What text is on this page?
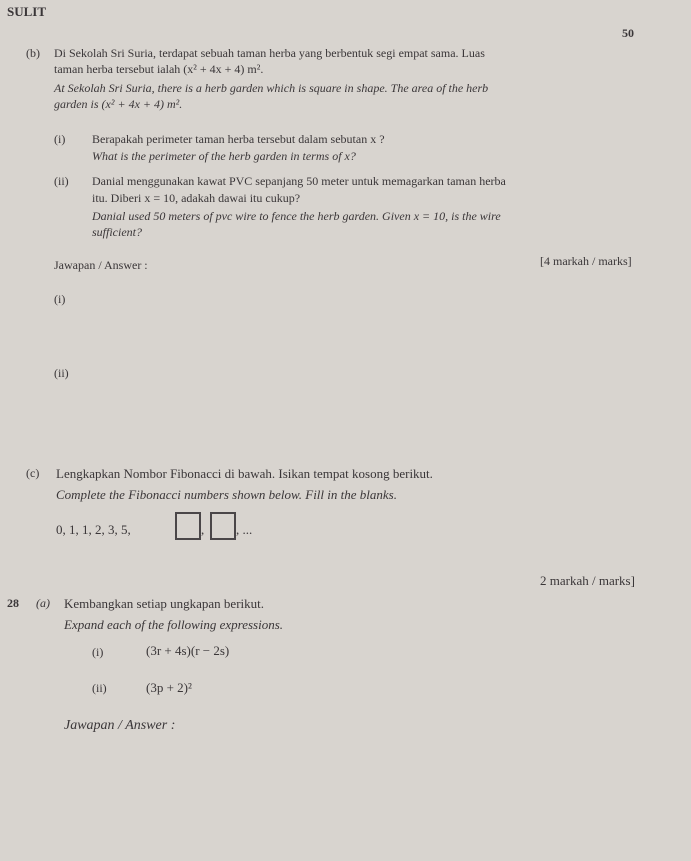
SULIT
50
(b) Di Sekolah Sri Suria, terdapat sebuah taman herba yang berbentuk segi empat sama. Luas
taman herba tersebut ialah (x² + 4x + 4) m².
At Sekolah Sri Suria, there is a herb garden which is square in shape. The area of the herb
garden is (x² + 4x + 4) m².
(i) Berapakah perimeter taman herba tersebut dalam sebutan x ?
What is the perimeter of the herb garden in terms of x?
(ii) Danial menggunakan kawat PVC sepanjang 50 meter untuk memagarkan taman herba
itu. Diberi x = 10, adakah dawai itu cukup?
Danial used 50 meters of pvc wire to fence the herb garden. Given x = 10, is the wire
sufficient?
Jawapan / Answer :	[4 markah / marks]
(i)
(ii)
(c) Lengkapkan Nombor Fibonacci di bawah. Isikan tempat kosong berikut.
Complete the Fibonacci numbers shown below. Fill in the blanks.
0, 1, 1, 2, 3, 5,	, , ...
2 markah / marks]
28 (a) Kembangkan setiap ungkapan berikut.
Expand each of the following expressions.
(i)	(3r + 4s)(r − 2s)
(ii)	(3p + 2)²
Jawapan / Answer :
